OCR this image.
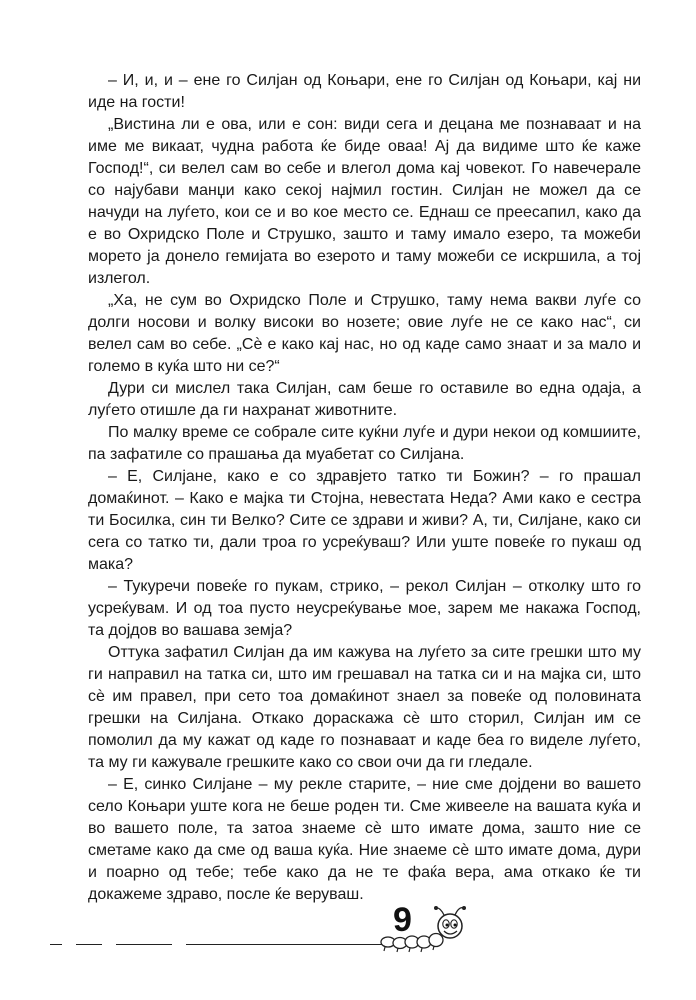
– И, и, и – ене го Силјан од Коњари, ене го Силјан од Коњари, кај ни иде на гости!

„Вистина ли е ова, или е сон: види сега и децана ме познаваат и на име ме викаат, чудна работа ќе биде оваа! Ај да видиме што ќе каже Господ!“, си велел сам во себе и влегол дома кај човекот. Го навечерале со најубави манџи како секој најмил гостин. Силјан не можел да се начуди на луѓето, кои се и во кое место се. Еднаш се преесапил, како да е во Охридско Поле и Струшко, зашто и таму имало езеро, та можеби морето ја донело гемијата во езерото и таму можеби се искршила, а тој излегол.

„Ха, не сум во Охридско Поле и Струшко, таму нема вакви луѓе со долги носови и волку високи во нозете; овие луѓе не се како нас“, си велел сам во себе. „Сѐ е како кај нас, но од каде само знаат и за мало и големо в куќа што ни се?“

Дури си мислел така Силјан, сам беше го оставиле во една одаја, а луѓето отишле да ги нахранат животните.

По малку време се собрале сите куќни луѓе и дури некои од комшиите, па зафатиле со прашања да муабетат со Силјана.

– Е, Силјане, како е со здравјето татко ти Божин? – го прашал домаќинот. – Како е мајка ти Стојна, невестата Неда? Ами како е сестра ти Босилка, син ти Велко? Сите се здрави и живи? А, ти, Силјане, како си сега со татко ти, дали троа го усреќуваш? Или уште повеќе го пукаш од мака?

– Тукуречи повеќе го пукам, стрико, – рекол Силјан – отколку што го усреќувам. И од тоа пусто неусреќување мое, зарем ме накажа Господ, та дојдов во вашава земја?

Оттука зафатил Силјан да им кажува на луѓето за сите грешки што му ги направил на татка си, што им грешавал на татка си и на мајка си, што сѐ им правел, при сето тоа домаќинот знаел за повеќе од половината грешки на Силјана. Откако дораскажа сѐ што сторил, Силјан им се помолил да му кажат од каде го познаваат и каде беа го виделе луѓето, та му ги кажувале грешките како со свои очи да ги гледале.

– Е, синко Силјане – му рекле старите, – ние сме дојдени во вашето село Коњари уште кога не беше роден ти. Сме живееле на вашата куќа и во вашето поле, та затоа знаеме сѐ што имате дома, зашто ние се сметаме како да сме од ваша куќа. Ние знаеме сѐ што имате дома, дури и поарно од тебе; тебе како да не те фаќа вера, ама откако ќе ти докажеме здраво, после ќе веруваш.

9
